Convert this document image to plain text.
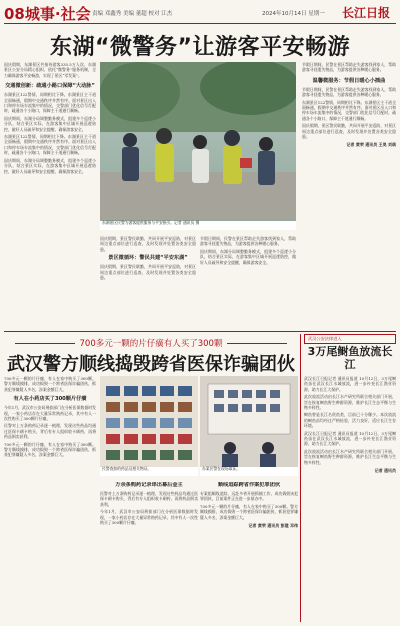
08城事·社会 责编 邓鑫秀 美编 董超 校对 江杰	2024年10月14日 星期一 长江日报
东湖“微警务”让游客平安畅游
国庆假期，东湖景区共接待游客335.5万人次，东湖景区公安分局精心组织，依托“微警务”服务机制，全力确保游客平安畅游，实现了景区“零发案”。
交通微创新：疏通小路口保障“大动脉”
东湖景区122警情，同期相比下降。东湖景区主干道全面畅通，假期中交通秩序井然有序。面对景区出入口和停车场车流集中的情况，交警部门优化信号灯配时，疏通各个小路口，保障主干道通行顺畅。
国庆期间，东湖分局调整勤务模式，组建多个巡逻小分队，结合景区实际，在游客集中区域开展巡逻防控，做好人员疏导和安全提醒，确保游客安全。
东湖景区122警情，同期相比下降。东湖景区主干道全面畅通，假期中交通秩序井然有序。面对景区出入口和停车场车流集中的情况，交警部门优化信号灯配时，疏通各个小路口，保障主干道通行顺畅。
国庆期间，东湖分局调整勤务模式，组建多个巡逻小分队，结合景区实际，在游客集中区域开展巡逻防控，做好人员疏导和安全提醒，确保游客安全。
东湖景区民警为游客提供服务与平安指引。记者 通讯员 摄
国庆假期，景区警民联勤，共同开展平安巡防，对景区周边重点部位进行巡查，及时发现并处置各类安全隐患。
景区微循环：警民共建“平安东湖”
国庆假期，景区警民联勤，共同开展平安巡防，对景区周边重点部位进行巡查，及时发现并处置各类安全隐患。
节假日期间，民警在景区帮助走失游客找到家人，帮助游客寻回遗失物品，为游客提供各种暖心服务。
国庆期间，东湖分局调整勤务模式，组建多个巡逻小分队，结合景区实际，在游客集中区域开展巡逻防控，做好人员疏导和安全提醒，确保游客安全。
节假日期间，民警在景区帮助走失游客找到家人，帮助游客寻回遗失物品，为游客提供各种暖心服务。
温馨微服务：节假日暖心小插曲
节假日期间，民警在景区帮助走失游客找到家人，帮助游客寻回遗失物品，为游客提供各种暖心服务。
东湖景区122警情，同期相比下降。东湖景区主干道全面畅通，假期中交通秩序井然有序。面对景区出入口和停车场车流集中的情况，交警部门优化信号灯配时，疏通各个小路口，保障主干道通行顺畅。
国庆假期，景区警民联勤，共同开展平安巡防，对景区周边重点部位进行巡查，及时发现并处置各类安全隐患。
记者 黄荣 通讯员 王昊 刘萌
700多元一颗的片仔癀有人买了300颗
武汉警方顺线捣毁跨省医保诈骗团伙
700多元一颗的片仔癀，有人在家中购买了300颗。警方顺线摸排，成功捣毁一个跨省医保诈骗团伙，抓获犯罪嫌疑人多名，涉案金额巨大。
有人在小药店买了300颗片仔癀
今年1月，武汉市公安局刑侦部门在分析医保数据时发现，一家小药店存在大量异常购药记录，其中有人一次性购买了300颗片仔癀。
民警对上万条购药记录逐一梳理，发现这些药品均通过医保卡刷卡购买，背后有专人组织收卡刷药，再将药品倒卖获利。
700多元一颗的片仔癀，有人在家中购买了300颗。警方顺线摸排，成功捣毁一个跨省医保诈骗团伙，抓获犯罪嫌疑人多名，涉案金额巨大。
民警查扣的药品及相关物证。	办案民警在现场取证。
万余条购药记录串出幕后金主
民警对上万条购药记录逐一梳理，发现这些药品均通过医保卡刷卡购买，背后有专人组织收卡刷药，再将药品倒卖获利。
今年1月，武汉市公安局刑侦部门在分析医保数据时发现，一家小药店存在大量异常购药记录，其中有人一次性购买了300颗片仔癀。
顺线追踪跨省作案犯罪团伙
专案组顺线追踪，远赴多省开展抓捕工作，成功捣毁该犯罪团伙，目前案件正在进一步侦办中。
700多元一颗的片仔癀，有人在家中购买了300颗。警方顺线摸排，成功捣毁一个跨省医保诈骗团伙，抓获犯罪嫌疑人多名，涉案金额巨大。
记者 黄荣 通讯员 彭建 邓伟
武汉公安法律进入
3万尾鲥鱼放流长江
武汉长江日报记者 通讯员报道 10月12日，3万尾鲥鱼苗在武汉长江水域放流，进一步补充长江渔业资源，助力长江大保护。
此次放流活动由长江水产研究所联合相关部门开展，旨在恢复鲥鱼野生种群资源，维护长江生态平衡与生物多样性。
鲥鱼曾是长江名贵鱼类，目前已十分稀少。本次放流的鲥鱼苗均经过严格检验，活力良好，适应长江生存环境。
武汉长江日报记者 通讯员报道 10月12日，3万尾鲥鱼苗在武汉长江水域放流，进一步补充长江渔业资源，助力长江大保护。
此次放流活动由长江水产研究所联合相关部门开展，旨在恢复鲥鱼野生种群资源，维护长江生态平衡与生物多样性。
记者 通讯员
